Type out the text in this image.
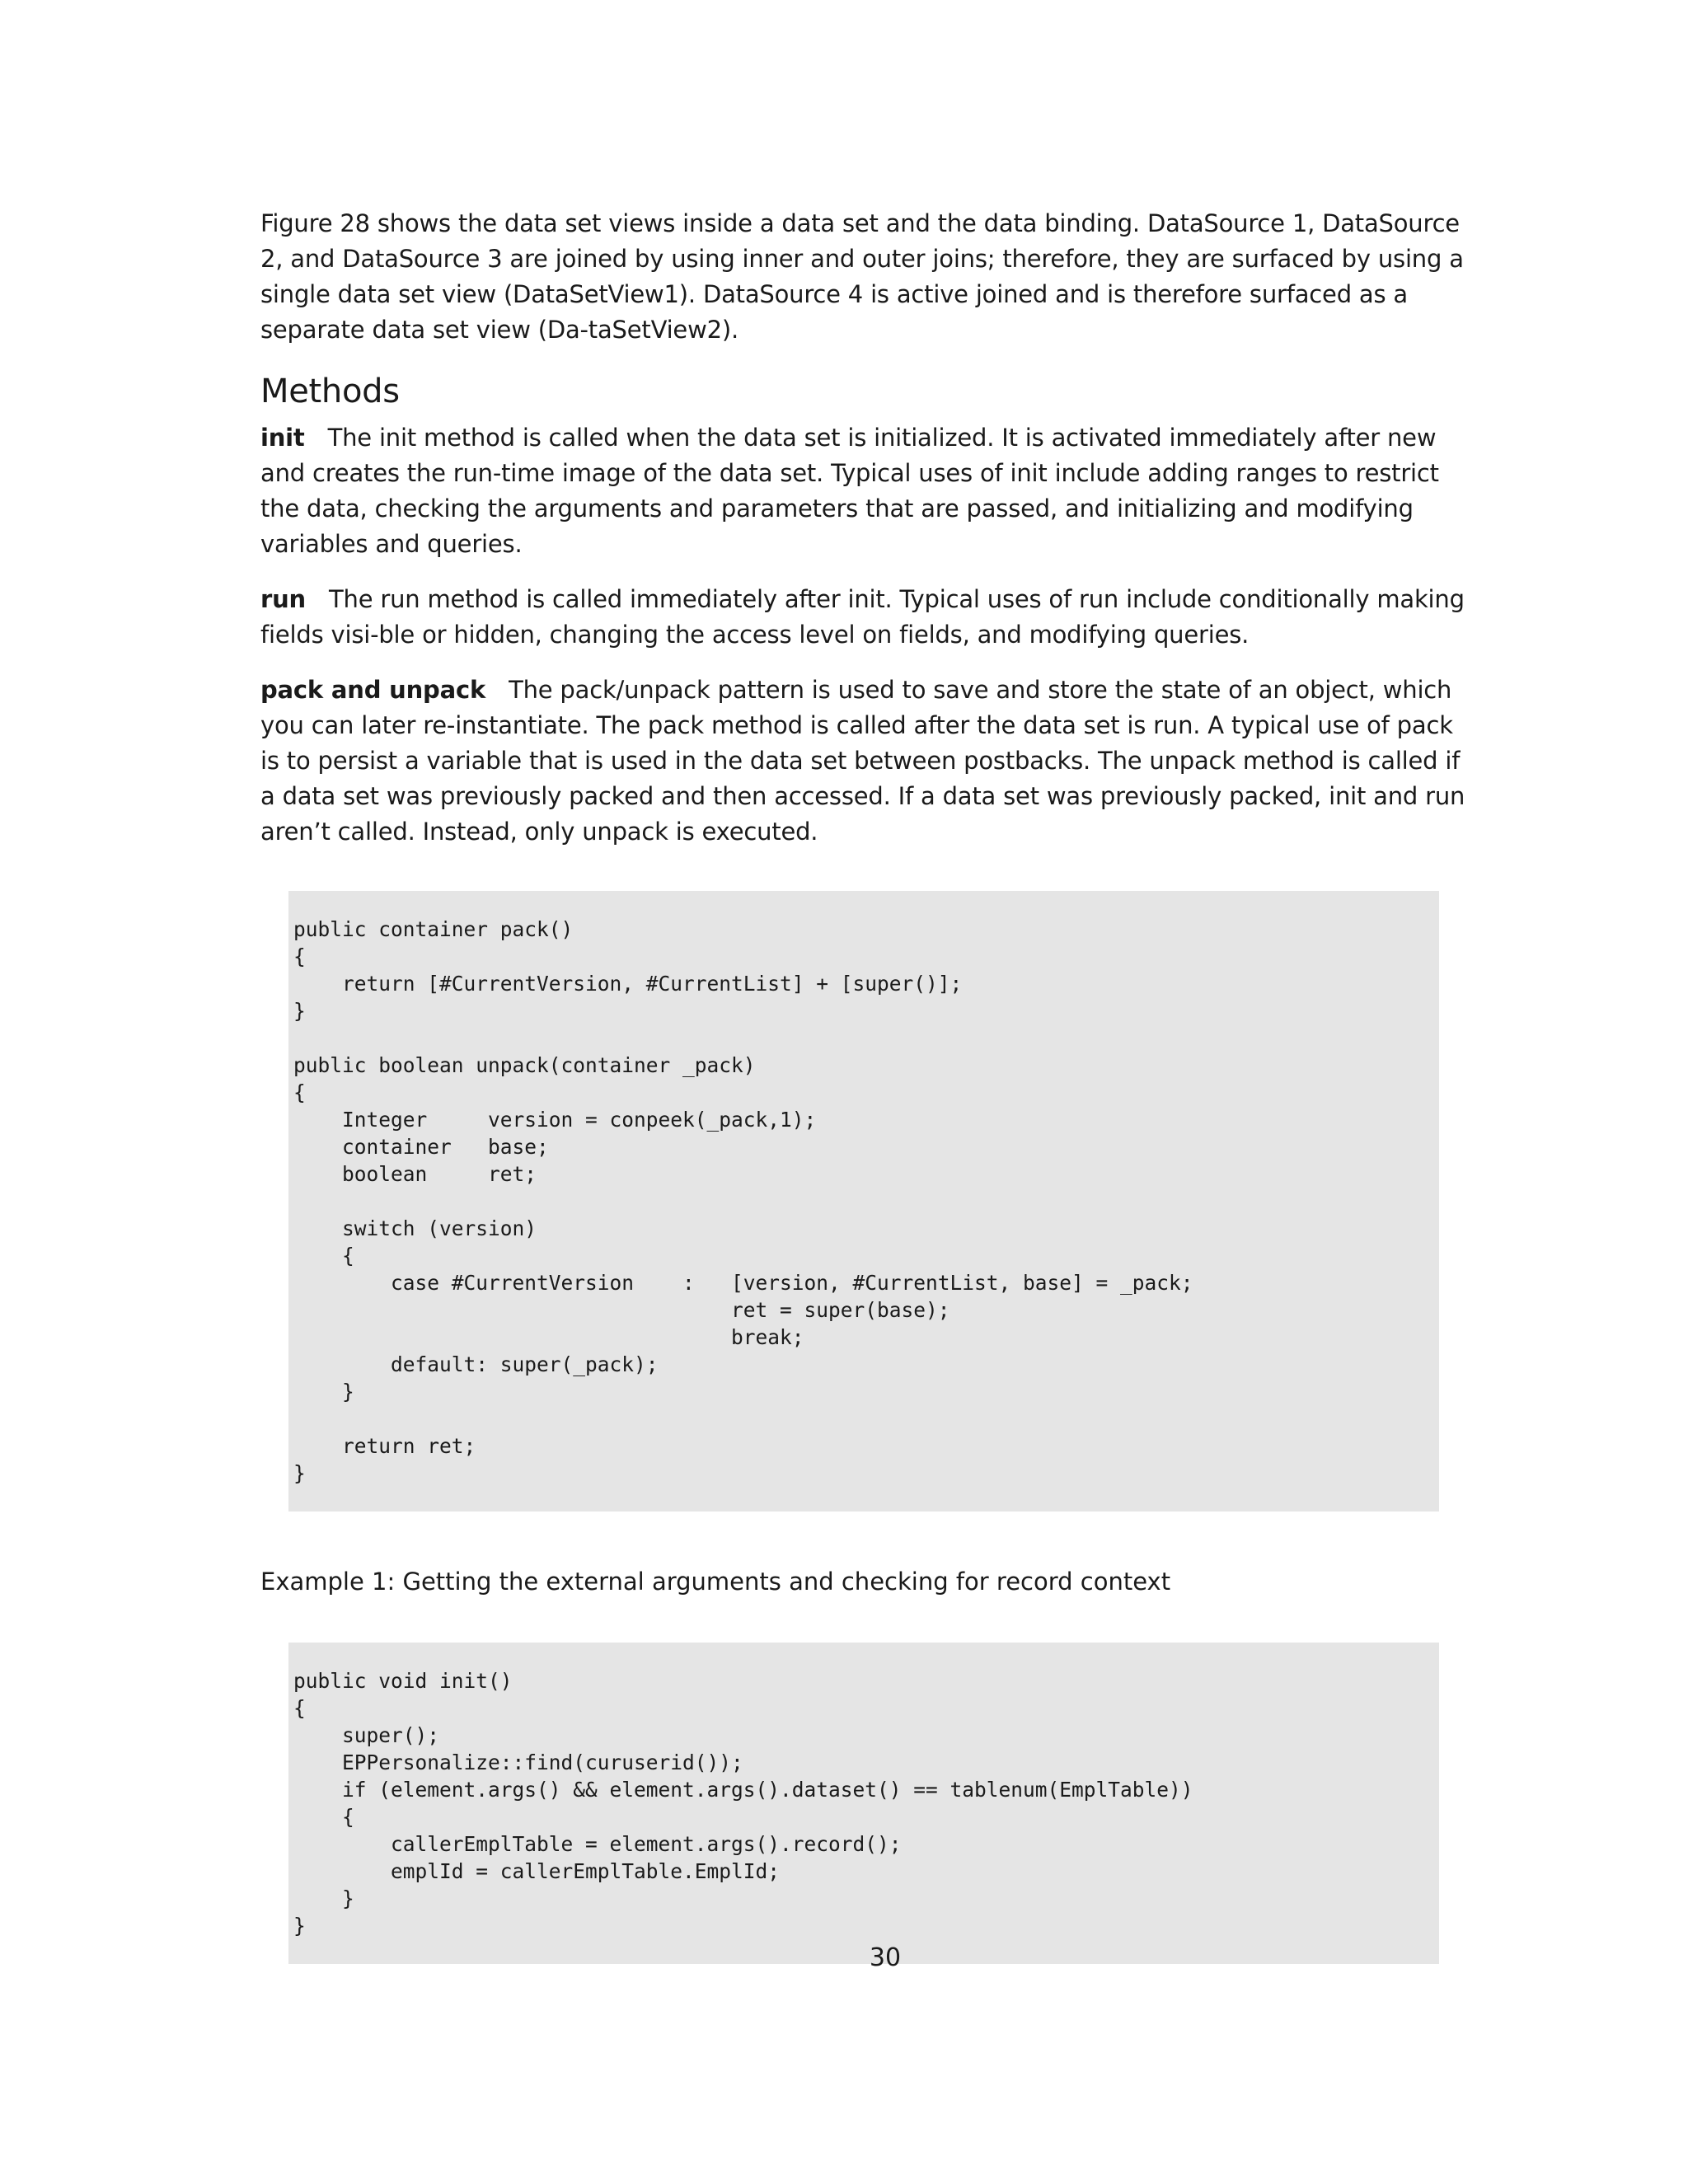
Figure 28 shows the data set views inside a data set and the data binding. DataSource 1, DataSource 2, and DataSource 3 are joined by using inner and outer joins; therefore, they are surfaced by using a single data set view (DataSetView1). DataSource 4 is active joined and is therefore surfaced as a separate data set view (Da-taSetView2).

Methods

init The init method is called when the data set is initialized. It is activated immediately after new and creates the run-time image of the data set. Typical uses of init include adding ranges to restrict the data, checking the arguments and parameters that are passed, and initializing and modifying variables and queries.

run The run method is called immediately after init. Typical uses of run include conditionally making fields visi-ble or hidden, changing the access level on fields, and modifying queries.

pack and unpack The pack/unpack pattern is used to save and store the state of an object, which you can later re-instantiate. The pack method is called after the data set is run. A typical use of pack is to persist a variable that is used in the data set between postbacks. The unpack method is called if a data set was previously packed and then accessed. If a data set was previously packed, init and run aren’t called. Instead, only unpack is executed.

public container pack()
{
return [#CurrentVersion, #CurrentList] + [super()];
}

public boolean unpack(container _pack)
{
Integer     version = conpeek(_pack,1);
container   base;
boolean     ret;

switch (version)
{
case #CurrentVersion    :   [version, #CurrentList, base] = _pack;
ret = super(base);
break;
default: super(_pack);
}

return ret;
}

Example 1: Getting the external arguments and checking for record context

public void init()
{
super();
EPPersonalize::find(curuserid());
if (element.args() && element.args().dataset() == tablenum(EmplTable))
{
callerEmplTable = element.args().record();
emplId = callerEmplTable.EmplId;
}
}
30
